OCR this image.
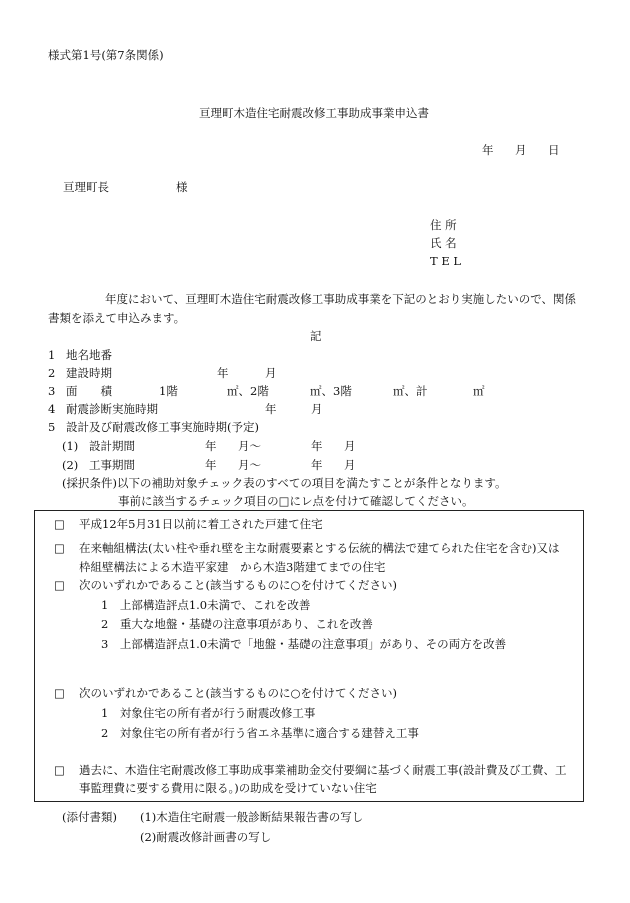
様式第1号(第7条関係)
亘理町木造住宅耐震改修工事助成事業申込書
年 月 日
亘理町長	様
住 所
氏 名
T E L
年度において、亘理町木造住宅耐震改修工事助成事業を下記のとおり実施したいので、関係
書類を添えて申込みます。
記
1 地名地番
2 建設時期	年	月
3 面　　積	1階	㎡、2階	㎡、3階	㎡、計	㎡
4 耐震診断実施時期	年	月
5 設計及び耐震改修工事実施時期(予定)
(1) 設計期間	年 月～	年 月
(2) 工事期間	年 月～	年 月
(採択条件)以下の補助対象チェック表のすべての項目を満たすことが条件となります。
事前に該当するチェック項目の□にレ点を付けて確認してください。
□ 平成12年5月31日以前に着工された戸建て住宅
□ 在来軸組構法(太い柱や垂れ壁を主な耐震要素とする伝統的構法で建てられた住宅を含む)又は
枠組壁構法による木造平家建　から木造3階建てまでの住宅
□ 次のいずれかであること(該当するものに○を付けてください)
1　上部構造評点1.0未満で、これを改善
2　重大な地盤・基礎の注意事項があり、これを改善
3　上部構造評点1.0未満で「地盤・基礎の注意事項」があり、その両方を改善
□ 次のいずれかであること(該当するものに○を付けてください)
1　対象住宅の所有者が行う耐震改修工事
2　対象住宅の所有者が行う省エネ基準に適合する建替え工事
□ 過去に、木造住宅耐震改修工事助成事業補助金交付要綱に基づく耐震工事(設計費及び工費、工
事監理費に要する費用に限る。)の助成を受けていない住宅
(添付書類) (1)木造住宅耐震一般診断結果報告書の写し
(2)耐震改修計画書の写し
